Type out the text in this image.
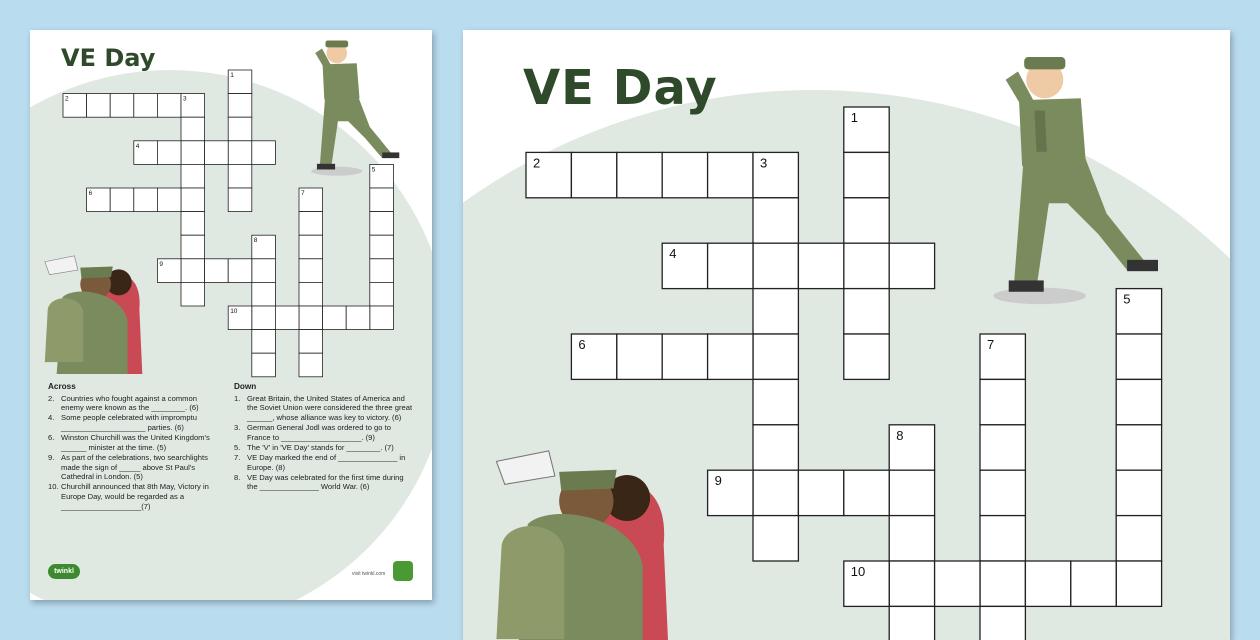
VE Day
1
2	3
4
5
6	7
8
9
10
Across
2. Countries who fought against a common enemy were known as the ________. (6)
4. Some people celebrated with impromptu ____________________ parties. (6)
6. Winston Churchill was the United Kingdom's ______ minister at the time. (5)
9. As part of the celebrations, two searchlights made the sign of _____ above St Paul's Cathedral in London. (5)
10. Churchill announced that 8th May, Victory in Europe Day, would be regarded as a ___________________(7)
Down
1. Great Britain, the United States of America and the Soviet Union were considered the three great ______, whose alliance was key to victory. (6)
3. German General Jodl was ordered to go to France to ___________________. (9)
5. The 'V' in 'VE Day' stands for ________. (7)
7. VE Day marked the end of ______________ in Europe. (8)
8. VE Day was celebrated for the first time during the ______________ World War. (6)
twinkl	visit twinkl.com
VE Day
1
2	3
4
5
6	7
8
9
10
